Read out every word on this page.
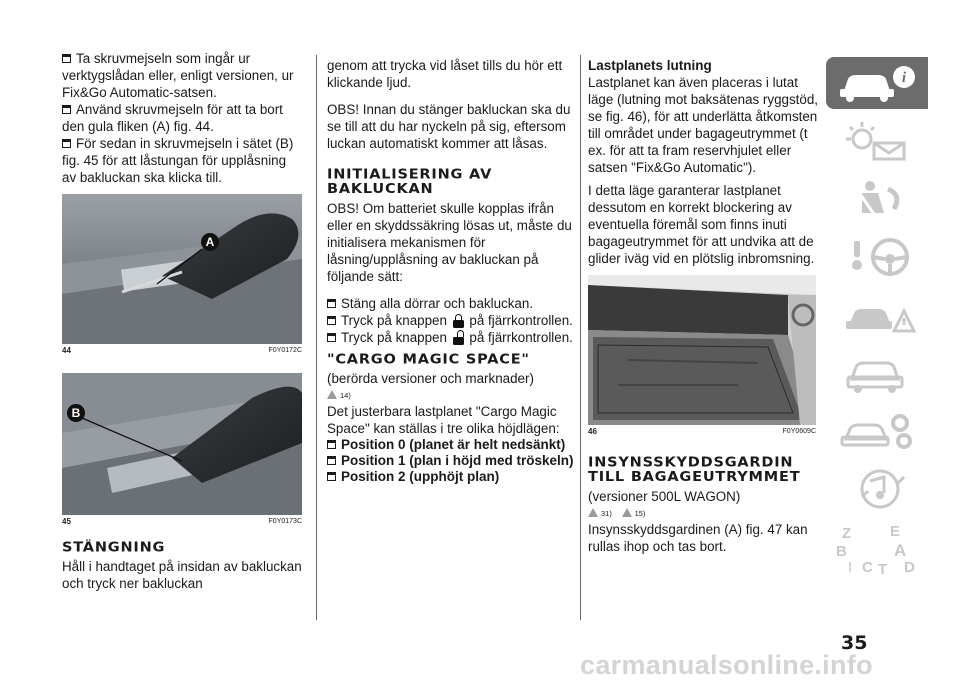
Ta skruvmejseln som ingår ur verktygslådan eller, enligt versionen, ur Fix&Go Automatic-satsen.

Använd skruvmejseln för att ta bort den gula fliken (A) fig. 44.

För sedan in skruvmejseln i sätet (B) fig. 45 för att låstungan för upplåsning av bakluckan ska klicka till.

A
44	F0Y0172C
B
45	F0Y0173C

STÄNGNING

Håll i handtaget på insidan av bakluckan och tryck ner bakluckan

genom att trycka vid låset tills du hör ett klickande ljud.

OBS! Innan du stänger bakluckan ska du se till att du har nyckeln på sig, eftersom luckan automatiskt kommer att låsas.

INITIALISERING AV BAKLUCKAN

OBS! Om batteriet skulle kopplas ifrån eller en skyddssäkring lösas ut, måste du initialisera mekanismen för låsning/upplåsning av bakluckan på följande sätt:

Stäng alla dörrar och bakluckan.

Tryck på knappen på fjärrkontrollen.

Tryck på knappen på fjärrkontrollen.

"CARGO MAGIC SPACE"

(berörda versioner och marknader)

14)

Det justerbara lastplanet "Cargo Magic Space" kan ställas i tre olika höjdlägen:

Position 0 (planet är helt nedsänkt)

Position 1 (plan i höjd med tröskeln)

Position 2 (upphöjt plan)

Lastplanets lutning

Lastplanet kan även placeras i lutat läge (lutning mot baksätenas ryggstöd, se fig. 46), för att underlätta åtkomsten till området under bagageutrymmet (t ex. för att ta fram reservhjulet eller satsen "Fix&Go Automatic").

I detta läge garanterar lastplanet dessutom en korrekt blockering av eventuella föremål som finns inuti bagageutrymmet för att undvika att de glider iväg vid en plötslig inbromsning.

46	F0Y0609C

INSYNSSKYDDSGARDIN TILL BAGAGEUTRYMMET

(versioner 500L WAGON)

31)	15)

Insynsskyddsgardinen (A) fig. 47 kan rullas ihop och tas bort.

i
Z	E
B	A
C T D
I
35
carmanualsonline.info
